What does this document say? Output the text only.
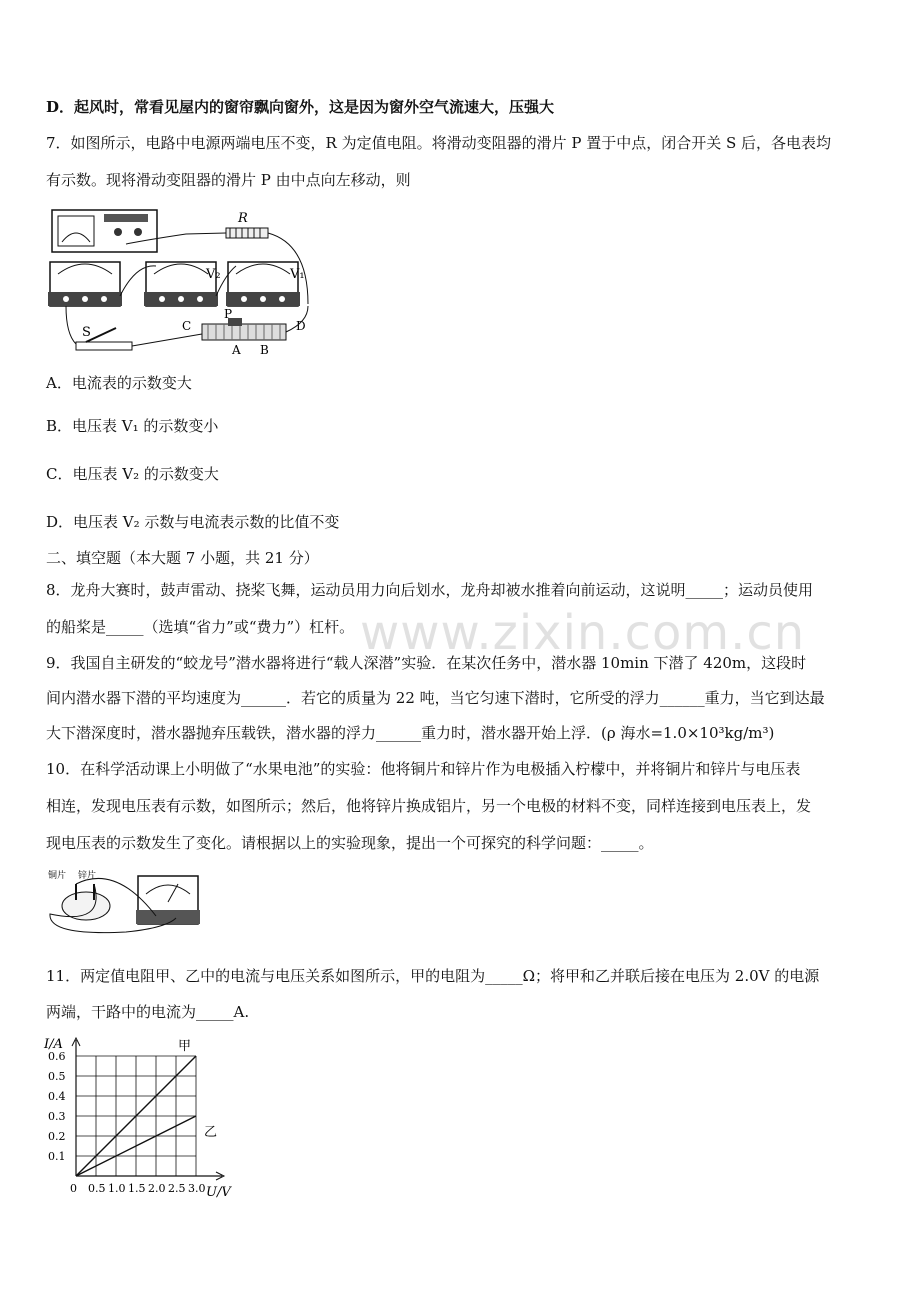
www.zixin.com.cn
D．起风时，常看见屋内的窗帘飘向窗外，这是因为窗外空气流速大，压强大
7．如图所示，电路中电源两端电压不变，R 为定值电阻。将滑动变阻器的滑片 P 置于中点，闭合开关 S 后，各电表均
有示数。现将滑动变阻器的滑片 P 由中点向左移动，则
R
V₂	V₁
S	C
P
D
A B
A．电流表的示数变大
B．电压表 V₁ 的示数变小
C．电压表 V₂ 的示数变大
D．电压表 V₂ 示数与电流表示数的比值不变
二、填空题（本大题 7 小题，共 21 分）
8．龙舟大赛时，鼓声雷动、挠桨飞舞，运动员用力向后划水，龙舟却被水推着向前运动，这说明_____；运动员使用
的船桨是_____（选填“省力”或“费力”）杠杆。
9．我国自主研发的“蛟龙号”潜水器将进行“载人深潜”实验．在某次任务中，潜水器 10min 下潜了 420m，这段时
间内潜水器下潜的平均速度为______．若它的质量为 22 吨，当它匀速下潜时，它所受的浮力______重力，当它到达最
大下潜深度时，潜水器抛弃压载铁，潜水器的浮力______重力时，潜水器开始上浮．(ρ 海水=1.0×10³kg/m³)
10．在科学活动课上小明做了“水果电池”的实验：他将铜片和锌片作为电极插入柠檬中，并将铜片和锌片与电压表
相连，发现电压表有示数，如图所示；然后，他将锌片换成铝片，另一个电极的材料不变，同样连接到电压表上，发
现电压表的示数发生了变化。请根据以上的实验现象，提出一个可探究的科学问题：_____。
铜片 锌片
11．两定值电阻甲、乙中的电流与电压关系如图所示，甲的电阻为_____Ω；将甲和乙并联后接在电压为 2.0V 的电源
两端，干路中的电流为_____A.
甲
乙
0 0.5 1.0 1.5 2.0 2.5 3.0
0.1
0.2
0.3
0.4
0.5
0.6
I/A
U/V
